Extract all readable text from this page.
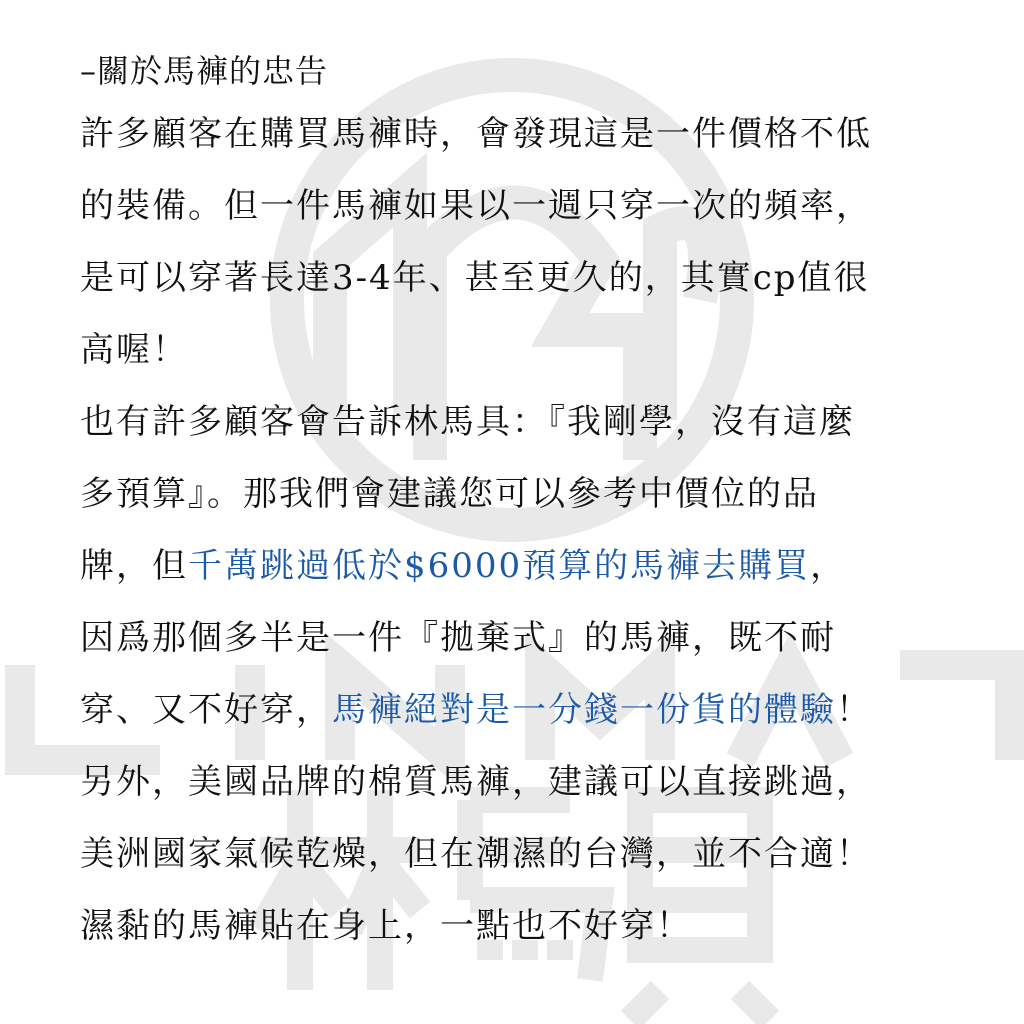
–關於馬褲的忠告
許多顧客在購買馬褲時，會發現這是一件價格不低
的裝備。但一件馬褲如果以一週只穿一次的頻率，
是可以穿著長達3-4年、甚至更久的，其實cp值很
高喔！
也有許多顧客會告訴林馬具：『我剛學，沒有這麼
多預算』。那我們會建議您可以參考中價位的品
牌，但千萬跳過低於$6000預算的馬褲去購買，
因爲那個多半是一件『拋棄式』的馬褲，既不耐
穿、又不好穿，馬褲絕對是一分錢一份貨的體驗！
另外，美國品牌的棉質馬褲，建議可以直接跳過，
美洲國家氣候乾燥，但在潮濕的台灣，並不合適！
濕黏的馬褲貼在身上，一點也不好穿！
